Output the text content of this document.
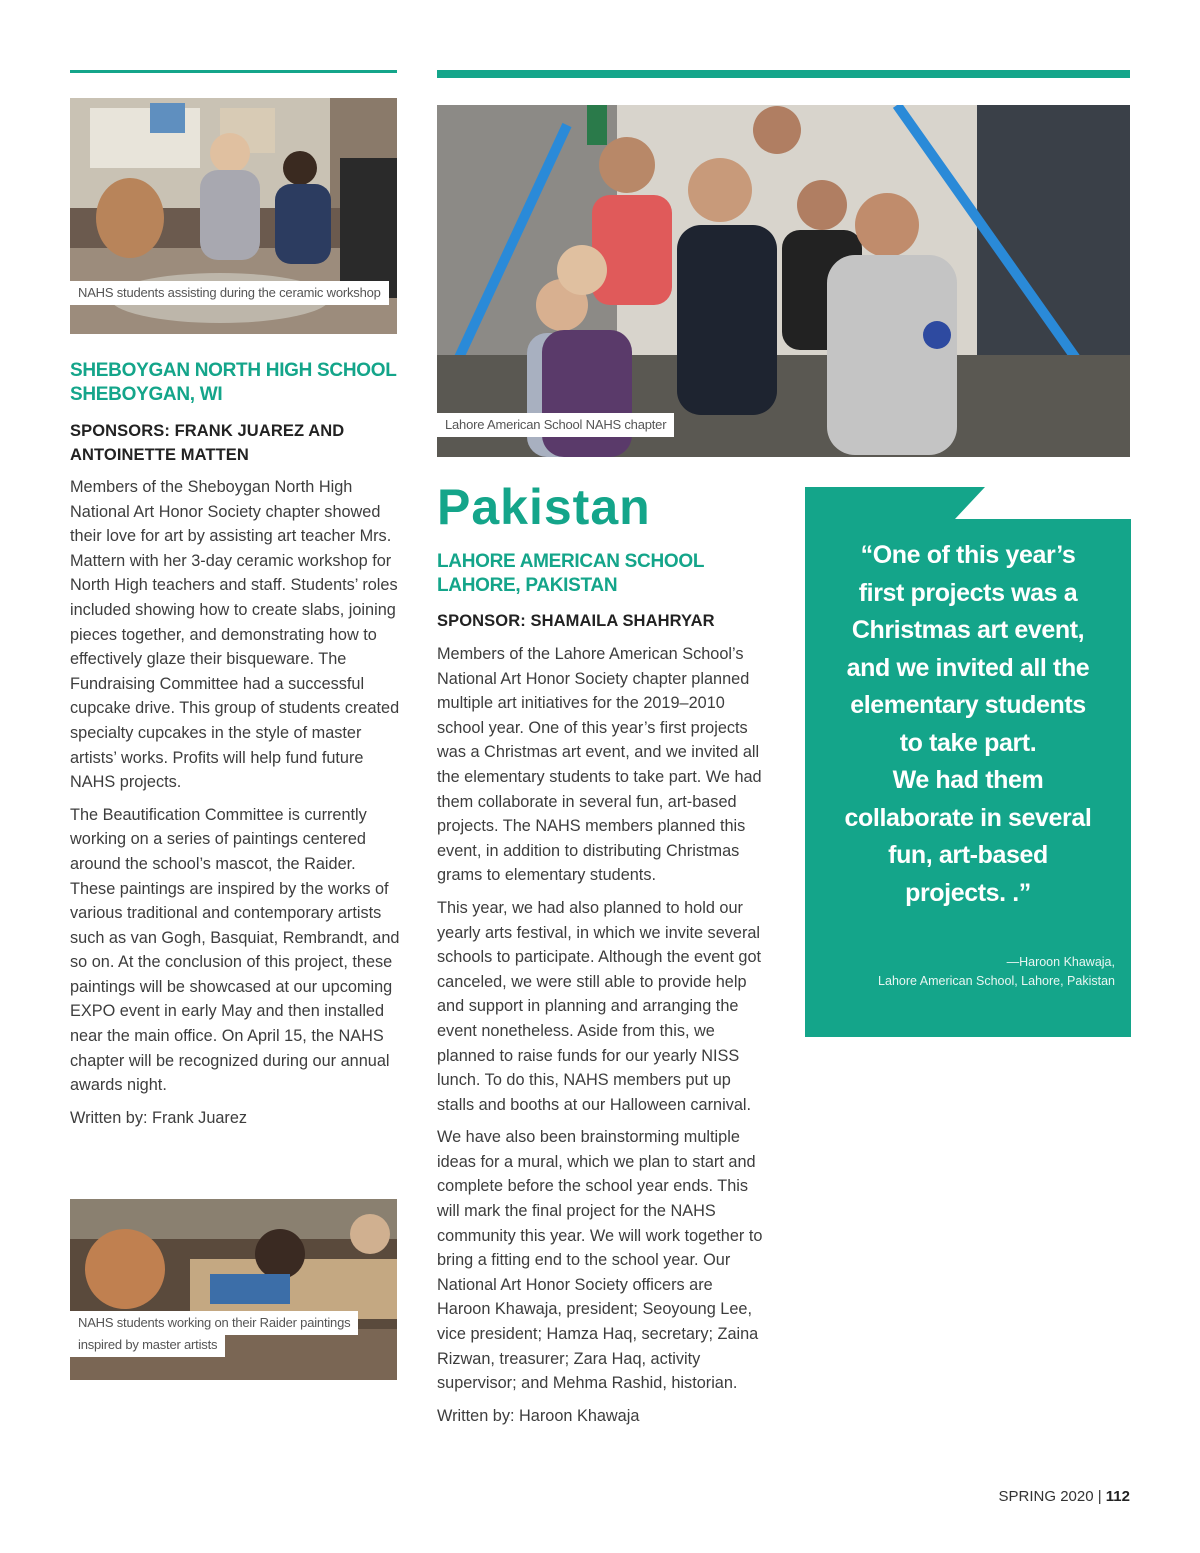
NAHS students assisting during the ceramic workshop
SHEBOYGAN NORTH HIGH SCHOOL
SHEBOYGAN, WI
SPONSORS: FRANK JUAREZ AND
ANTOINETTE MATTEN

Members of the Sheboygan North High National Art Honor Society chapter showed their love for art by assisting art teacher Mrs. Mattern with her 3-day ceramic workshop for North High teachers and staff. Students’ roles included showing how to create slabs, joining pieces together, and demonstrating how to effectively glaze their bisqueware. The Fundraising Committee had a successful cupcake drive. This group of students created specialty cupcakes in the style of master artists’ works. Profits will help fund future NAHS projects.

The Beautification Committee is currently working on a series of paintings centered around the school’s mascot, the Raider. These paintings are inspired by the works of various traditional and contemporary artists such as van Gogh, Basquiat, Rembrandt, and so on. At the conclusion of this project, these paintings will be showcased at our upcoming EXPO event in early May and then installed near the main office. On April 15, the NAHS chapter will be recognized during our annual awards night.

Written by: Frank Juarez

NAHS students working on their Raider paintings
inspired by master artists
Lahore American School NAHS chapter
Pakistan
LAHORE AMERICAN SCHOOL
LAHORE, PAKISTAN
SPONSOR: SHAMAILA SHAHRYAR

Members of the Lahore American School’s National Art Honor Society chapter planned multiple art initiatives for the 2019–2010 school year. One of this year’s first projects was a Christmas art event, and we invited all the elementary students to take part. We had them collaborate in several fun, art-based projects. The NAHS members planned this event, in addition to distributing Christmas grams to elementary students.

This year, we had also planned to hold our yearly arts festival, in which we invite several schools to participate. Although the event got canceled, we were still able to provide help and support in planning and arranging the event nonetheless. Aside from this, we planned to raise funds for our yearly NISS lunch. To do this, NAHS members put up stalls and booths at our Halloween carnival.

We have also been brainstorming multiple ideas for a mural, which we plan to start and complete before the school year ends. This will mark the final project for the NAHS community this year. We will work together to bring a fitting end to the school year. Our National Art Honor Society officers are Haroon Khawaja, president; Seoyoung Lee, vice president; Hamza Haq, secretary; Zaina Rizwan, treasurer; Zara Haq, activity supervisor; and Mehma Rashid, historian.

Written by: Haroon Khawaja

“One of this year’s
first projects was a
Christmas art event,
and we invited all the
elementary students
to take part.
We had them
collaborate in several
fun, art-based
projects. .”
—Haroon Khawaja,
Lahore American School, Lahore, Pakistan
SPRING 2020 | 112
